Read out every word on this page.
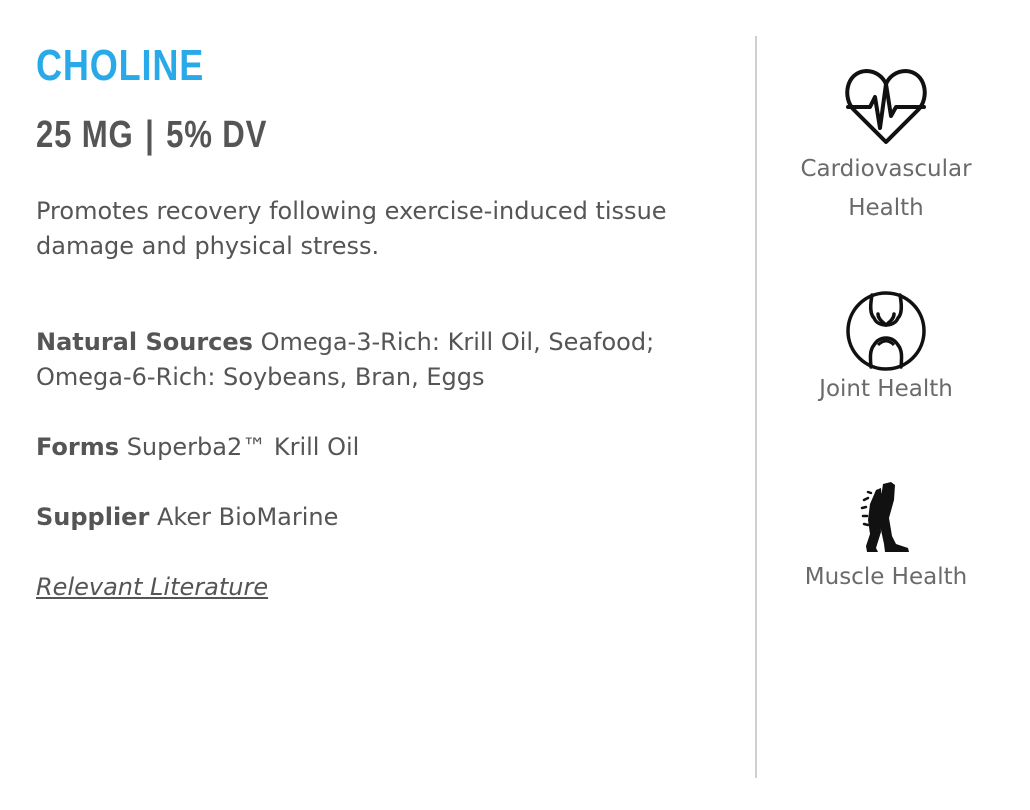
CHOLINE
25 MG | 5% DV
Promotes recovery following exercise-induced tissue damage and physical stress.
Natural Sources Omega-3-Rich: Krill Oil, Seafood; Omega-6-Rich: Soybeans, Bran, Eggs
Forms Superba2™ Krill Oil
Supplier Aker BioMarine
Relevant Literature
Cardiovascular Health
Joint Health
Muscle Health
